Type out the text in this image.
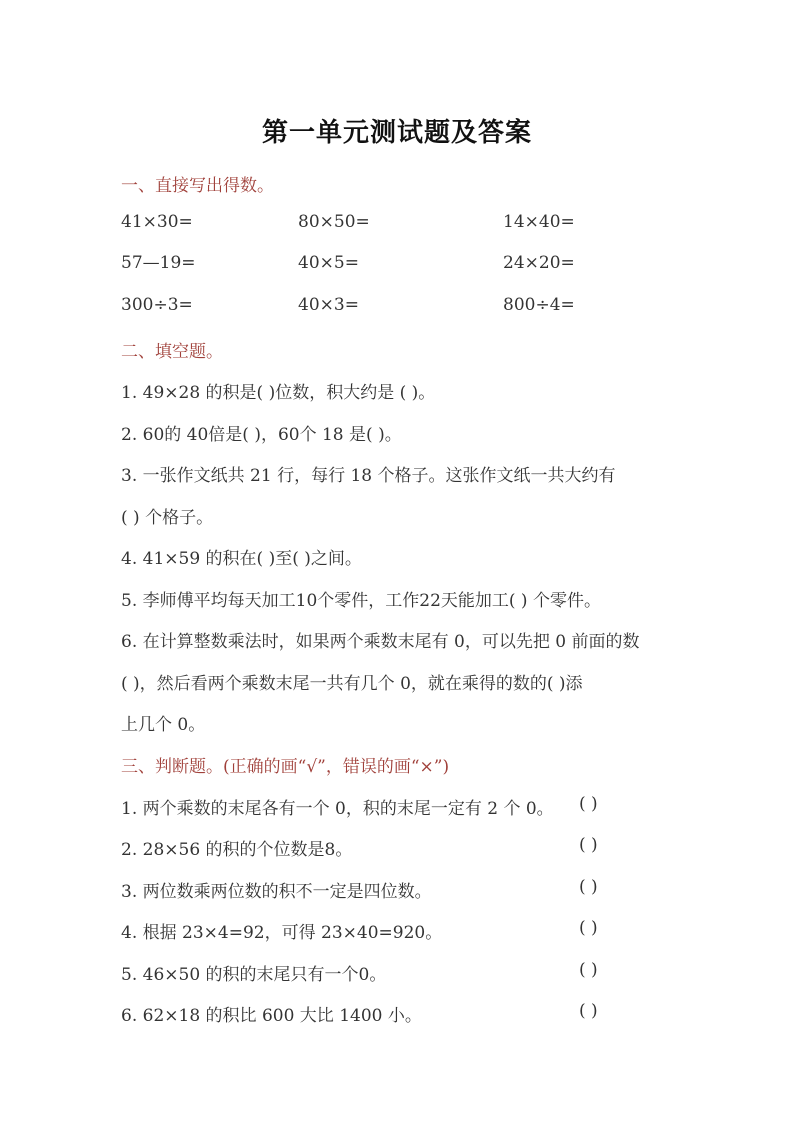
第一单元测试题及答案
一、直接写出得数。
41×30=	80×50=	14×40=
57—19=	40×5=	24×20=
300÷3=	40×3=	800÷4=
二、填空题。
1. 49×28 的积是( )位数，积大约是 ( )。
2. 60的 40倍是( )，60个 18 是( )。
3. 一张作文纸共 21 行，每行 18 个格子。这张作文纸一共大约有
( ) 个格子。
4. 41×59 的积在( )至( )之间。
5. 李师傅平均每天加工10个零件，工作22天能加工( ) 个零件。
6. 在计算整数乘法时，如果两个乘数末尾有 0，可以先把 0 前面的数
( )，然后看两个乘数末尾一共有几个 0，就在乘得的数的( )添
上几个 0。
三、判断题。(正确的画“√”，错误的画“×”)
1. 两个乘数的末尾各有一个 0，积的末尾一定有 2 个 0。 ( )
2. 28×56 的积的个位数是8。	( )
3. 两位数乘两位数的积不一定是四位数。	( )
4. 根据 23×4=92，可得 23×40=920。	( )
5. 46×50 的积的末尾只有一个0。	( )
6. 62×18 的积比 600 大比 1400 小。	( )
